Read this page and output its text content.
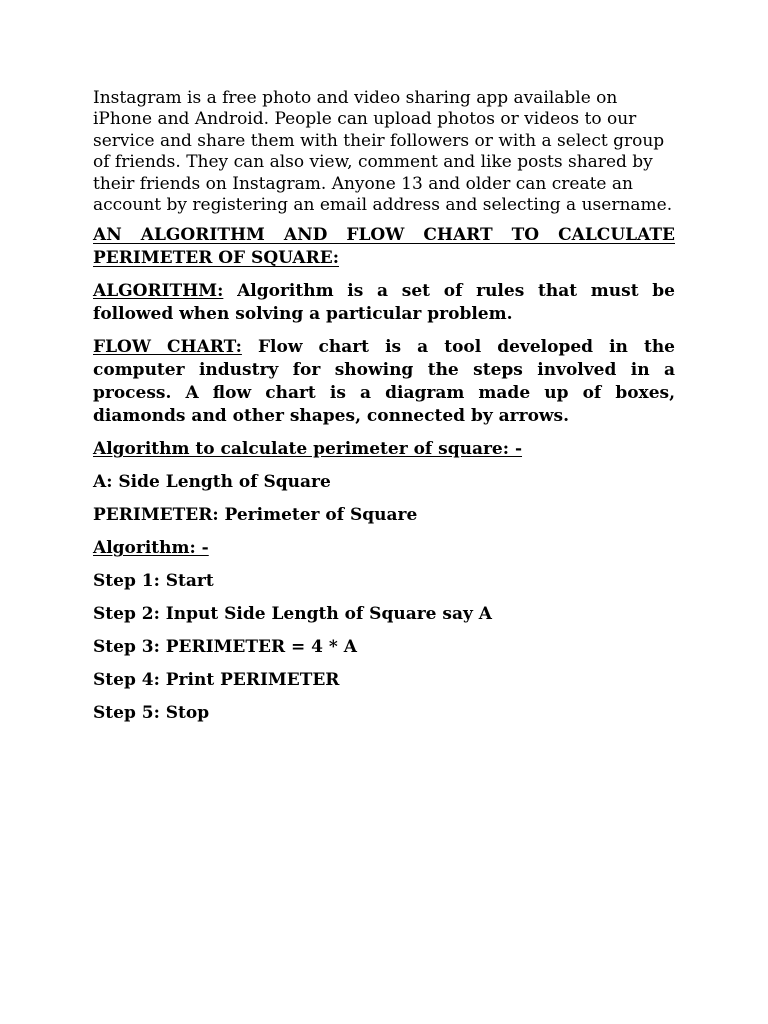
Instagram is a free photo and video sharing app available on iPhone and Android. People can upload photos or videos to our service and share them with their followers or with a select group of friends. They can also view, comment and like posts shared by their friends on Instagram. Anyone 13 and older can create an account by registering an email address and selecting a username.

AN ALGORITHM AND FLOW CHART TO CALCULATE PERIMETER OF SQUARE:

ALGORITHM: Algorithm is a set of rules that must be followed when solving a particular problem.

FLOW CHART: Flow chart is a tool developed in the computer industry for showing the steps involved in a process. A flow chart is a diagram made up of boxes, diamonds and other shapes, connected by arrows.

Algorithm to calculate perimeter of square: -

A: Side Length of Square

PERIMETER: Perimeter of Square

Algorithm: -

Step 1: Start

Step 2: Input Side Length of Square say A

Step 3: PERIMETER = 4 * A

Step 4: Print PERIMETER

Step 5: Stop
